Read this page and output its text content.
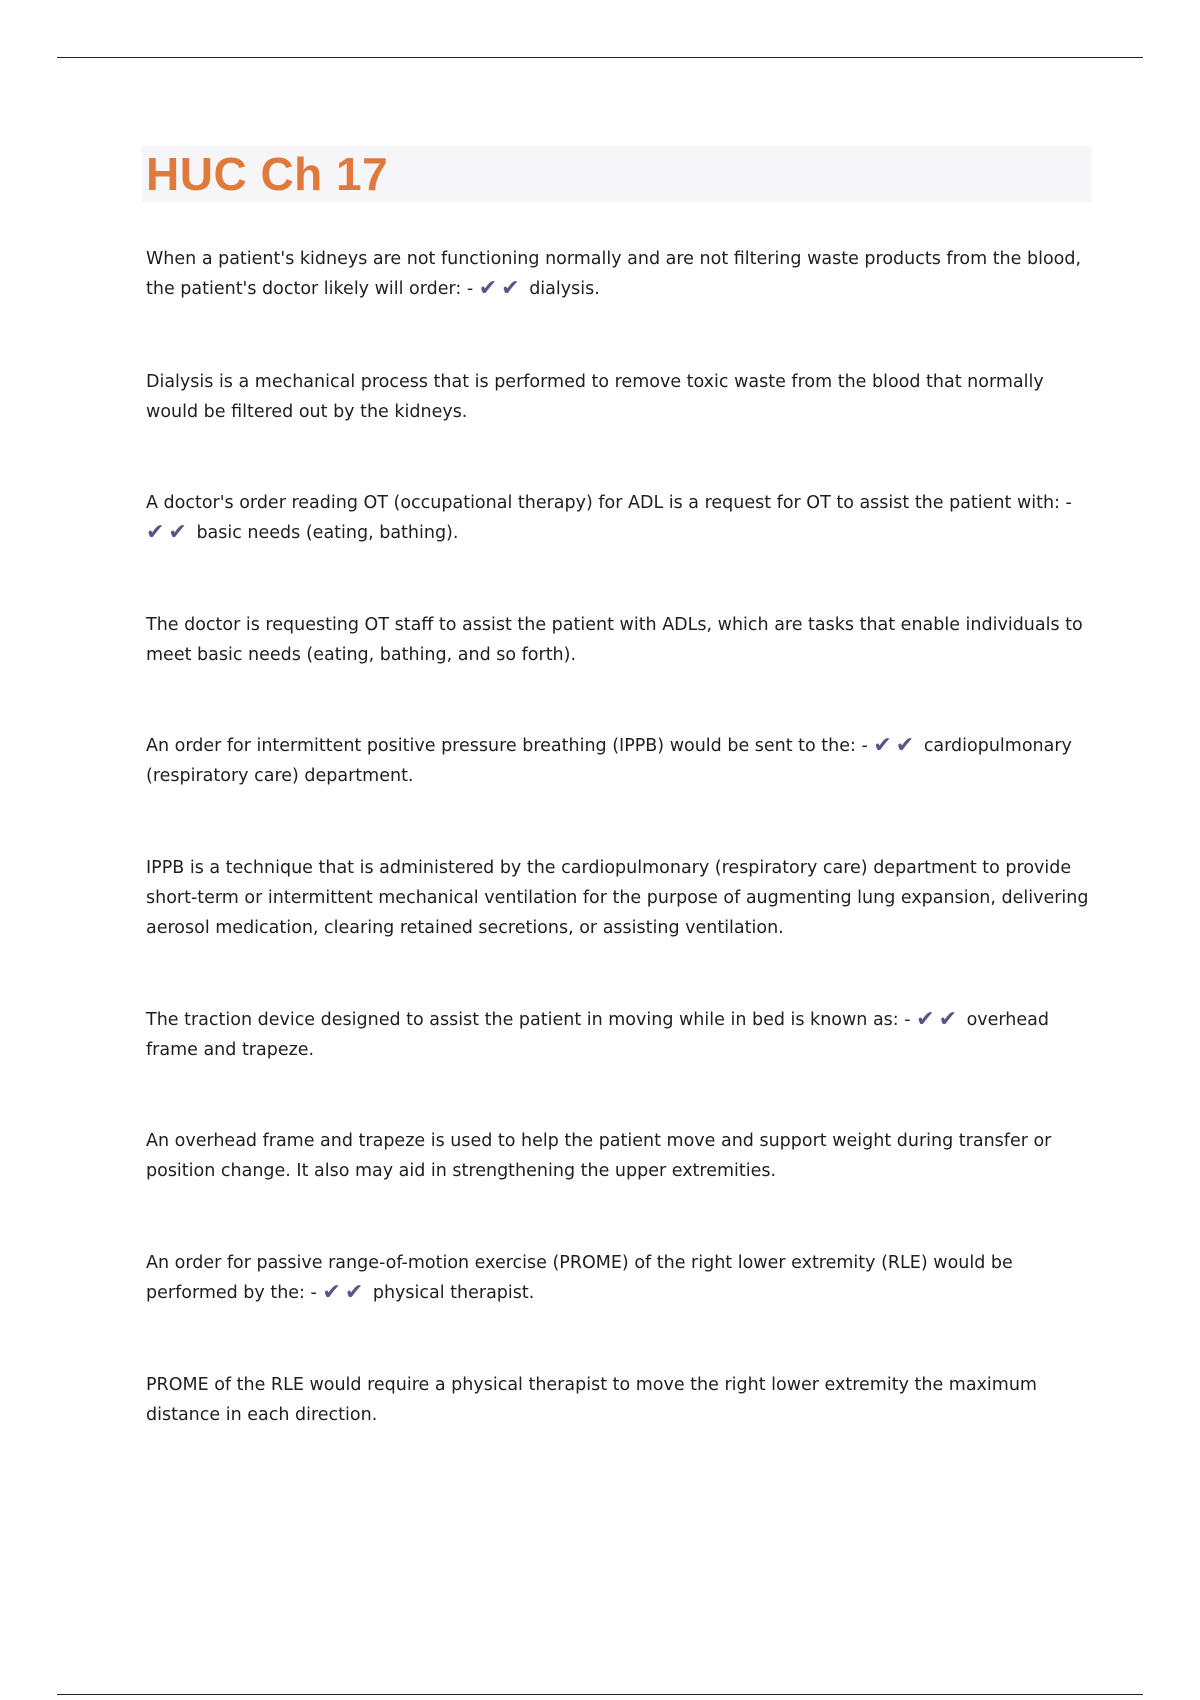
HUC Ch 17

When a patient's kidneys are not functioning normally and are not filtering waste products from the blood, the patient's doctor likely will order: - ✔✔ dialysis.

Dialysis is a mechanical process that is performed to remove toxic waste from the blood that normally would be filtered out by the kidneys.

A doctor's order reading OT (occupational therapy) for ADL is a request for OT to assist the patient with: - ✔✔ basic needs (eating, bathing).

The doctor is requesting OT staff to assist the patient with ADLs, which are tasks that enable individuals to meet basic needs (eating, bathing, and so forth).

An order for intermittent positive pressure breathing (IPPB) would be sent to the: - ✔✔ cardiopulmonary (respiratory care) department.

IPPB is a technique that is administered by the cardiopulmonary (respiratory care) department to provide short-term or intermittent mechanical ventilation for the purpose of augmenting lung expansion, delivering aerosol medication, clearing retained secretions, or assisting ventilation.

The traction device designed to assist the patient in moving while in bed is known as: - ✔✔ overhead frame and trapeze.

An overhead frame and trapeze is used to help the patient move and support weight during transfer or position change. It also may aid in strengthening the upper extremities.

An order for passive range-of-motion exercise (PROME) of the right lower extremity (RLE) would be performed by the: - ✔✔ physical therapist.

PROME of the RLE would require a physical therapist to move the right lower extremity the maximum distance in each direction.
